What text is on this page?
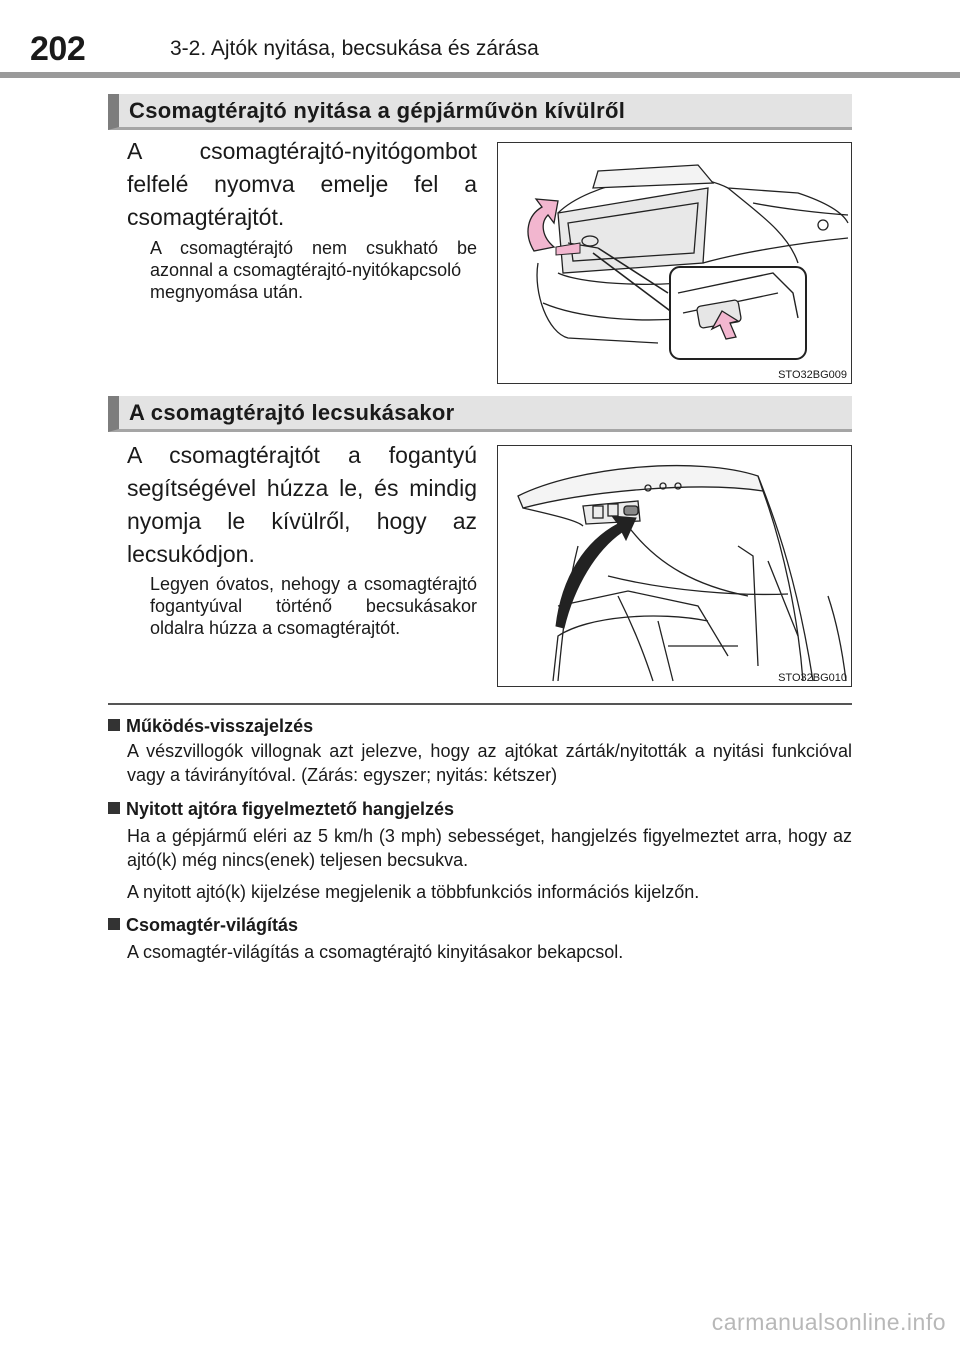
202	3-2. Ajtók nyitása, becsukása és zárása
Csomagtérajtó nyitása a gépjárművön kívülről
A csomagtérajtó-nyitógombot felfelé nyomva emelje fel a csomagtérajtót.
A csomagtérajtó nem csukható be azonnal a csomagtérajtó-nyitókapcsoló
megnyomása után.
STO32BG009
A csomagtérajtó lecsukásakor
A csomagtérajtót a fogantyú segítségével húzza le, és mindig nyomja le kívülről, hogy az lecsukódjon.
Legyen óvatos, nehogy a csomagtérajtó fogantyúval történő becsukásakor oldalra húzza a csomagtérajtót.
STO32BG010
Működés-visszajelzés
A vészvillogók villognak azt jelezve, hogy az ajtókat zárták/nyitották a nyitási funkcióval vagy a távirányítóval. (Zárás: egyszer; nyitás: kétszer)
Nyitott ajtóra figyelmeztető hangjelzés
Ha a gépjármű eléri az 5 km/h (3 mph) sebességet, hangjelzés figyelmeztet arra, hogy az ajtó(k) még nincs(enek) teljesen becsukva.
A nyitott ajtó(k) kijelzése megjelenik a többfunkciós információs kijelzőn.
Csomagtér-világítás
A csomagtér-világítás a csomagtérajtó kinyitásakor bekapcsol.
carmanualsonline.info
